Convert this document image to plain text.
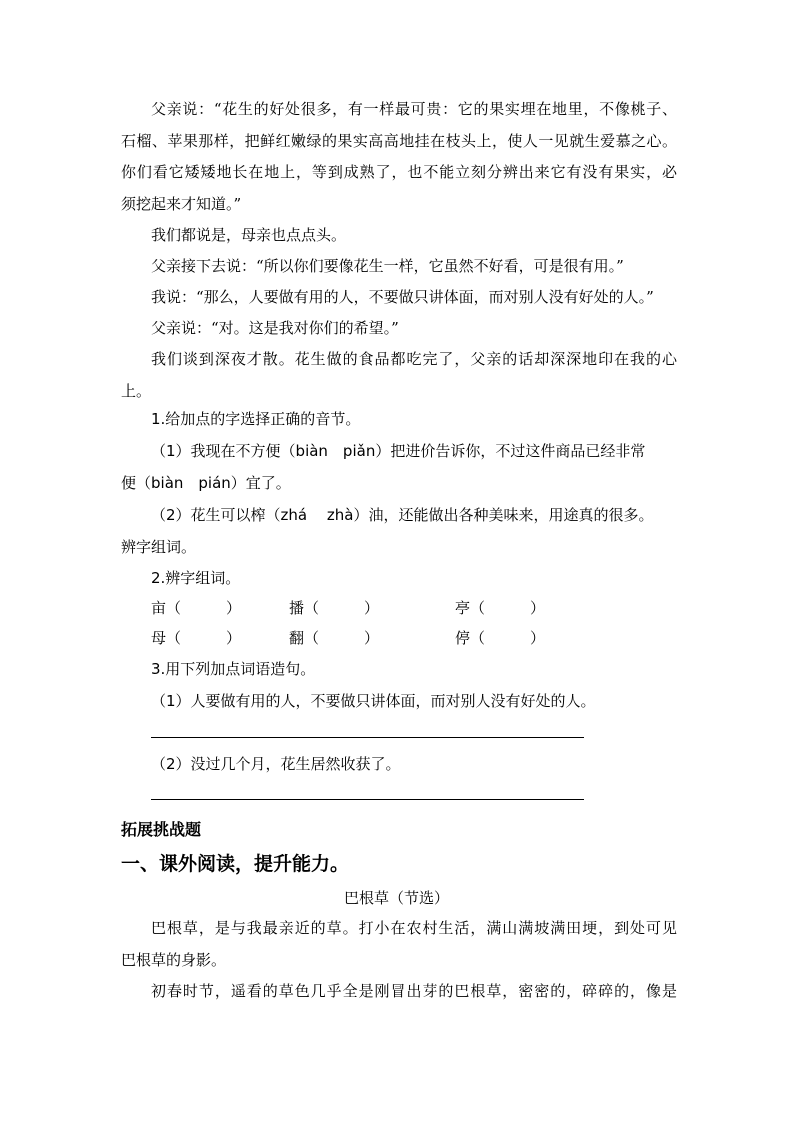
父亲说：“花生的好处很多，有一样最可贵：它的果实埋在地里，不像桃子、
石榴、苹果那样，把鲜红嫩绿的果实高高地挂在枝头上，使人一见就生爱慕之心。
你们看它矮矮地长在地上，等到成熟了，也不能立刻分辨出来它有没有果实，必
须挖起来才知道。”
我们都说是，母亲也点点头。
父亲接下去说：“所以你们要像花生一样，它虽然不好看，可是很有用。”
我说：“那么，人要做有用的人，不要做只讲体面，而对别人没有好处的人。”
父亲说：“对。这是我对你们的希望。”
我们谈到深夜才散。花生做的食品都吃完了，父亲的话却深深地印在我的心
上。
1.给加点的字选择正确的音节。
（1）我现在不方便（biàn　piǎn）把进价告诉你，不过这件商品已经非常
便（biàn　pián）宜了。
（2）花生可以榨（zhá　 zhà）油，还能做出各种美味来，用途真的很多。
辨字组词。
2.辨字组词。
亩（　　　）	播（　　　）	亭（　　　）
母（　　　）	翻（　　　）	停（　　　）
3.用下列加点词语造句。
（1）人要做有用的人，不要做只讲体面，而对别人没有好处的人。
（2）没过几个月，花生居然收获了。
拓展挑战题
一、课外阅读，提升能力。
巴根草（节选）
巴根草，是与我最亲近的草。打小在农村生活，满山满坡满田埂，到处可见
巴根草的身影。
初春时节，遥看的草色几乎全是刚冒出芽的巴根草，密密的，碎碎的，像是
